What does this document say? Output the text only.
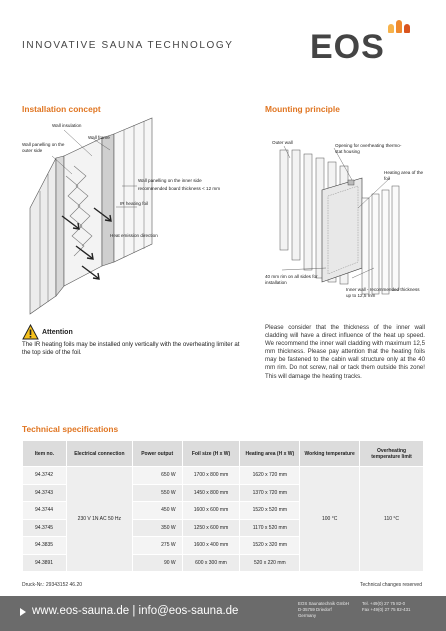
INNOVATIVE SAUNA TECHNOLOGY EOS
Installation concept
Wall insulation
Wall frame
Wall panelling on the outer side
Wall panelling on the inner side
recommended board thickness < 12 mm
IR heating foil
Heat emission direction
Mounting principle
Outer wall
Opening for overheating thermo-stat housing
Heating area of the foil
40 mm rim on all sides for installation
Inner wall - recommended thickness up to 12,5 mm
Attention
The IR heating foils may be installed only vertically with the overheating limiter at the top side of the foil.
Please consider that the thickness of the inner wall cladding will have a direct influence of the heat up speed. We recommend the inner wall cladding with maximum 12,5 mm thickness. Please pay attention that the heating foils may be fastened to the cabin wall structure only at the 40 mm rim. Do not screw, nail or tack them outside this zone! This will damage the heating tracks.
Technical specifications
Item no.	Electrical connection	Power output	Foil size (H x W)	Heating area (H x W)	Working temperature	Overheating temperature limit
94.3742	230 V 1N AC 50 Hz	650 W	1700 x 800 mm	1620 x 720 mm	100 °C	110 °C
94.3743		550 W	1450 x 800 mm	1370 x 720 mm		
94.3744		450 W	1600 x 600 mm	1520 x 520 mm		
94.3745		350 W	1250 x 600 mm	1170 x 520 mm		
94.3835		275 W	1600 x 400 mm	1520 x 320 mm		
94.3891		90 W	600 x 300 mm	520 x 220 mm		
Druck-Nr.: 29343152 46.20	Technical changes reserved
www.eos-sauna.de | info@eos-sauna.de
EOS Saunatechnik GmbH
D-35759 Driedorf
Germany
Tel. +49(0) 27 75 82-0
Fax +49(0) 27 75 82-431
